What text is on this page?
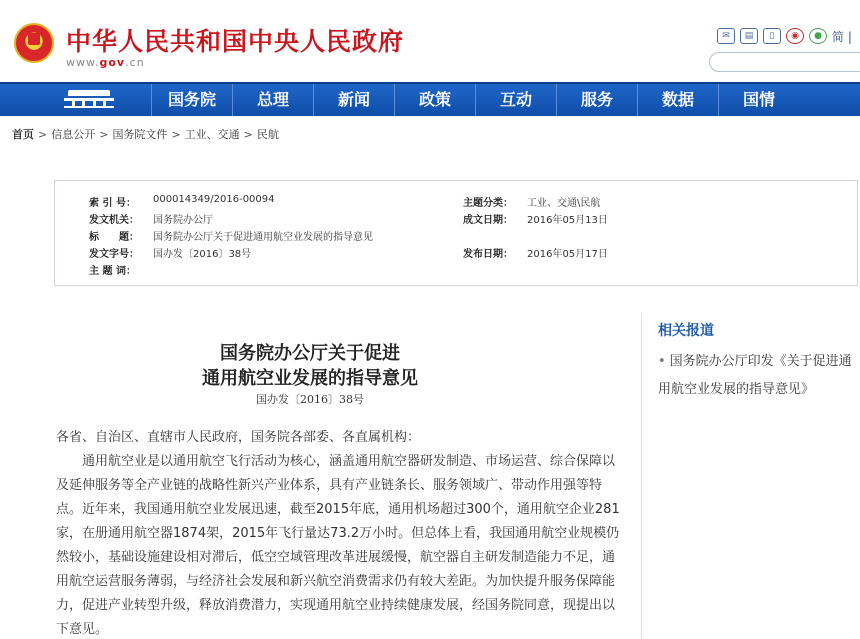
中华人民共和国中央人民政府
www.gov.cn
✉	▤	▯	◉	● 简 |
国务院	总理	新闻	政策	互动	服务	数据	国情
首页 > 信息公开 > 国务院文件 > 工业、交通 > 民航
索 引 号： 000014349/2016-00094	主题分类： 工业、交通\民航
发文机关： 国务院办公厅	成文日期： 2016年05月13日
标　　题： 国务院办公厅关于促进通用航空业发展的指导意见
发文字号： 国办发〔2016〕38号	发布日期： 2016年05月17日
主 题 词：
相关报道
• 国务院办公厅印发《关于促进通用航空业发展的指导意见》
国务院办公厅关于促进
通用航空业发展的指导意见
国办发〔2016〕38号

各省、自治区、直辖市人民政府，国务院各部委、各直属机构：

通用航空业是以通用航空飞行活动为核心，涵盖通用航空器研发制造、市场运营、综合保障以及延伸服务等全产业链的战略性新兴产业体系，具有产业链条长、服务领域广、带动作用强等特点。近年来，我国通用航空业发展迅速，截至2015年底，通用机场超过300个，通用航空企业281家，在册通用航空器1874架，2015年飞行量达73.2万小时。但总体上看，我国通用航空业规模仍然较小，基础设施建设相对滞后，低空空域管理改革进展缓慢，航空器自主研发制造能力不足，通用航空运营服务薄弱，与经济社会发展和新兴航空消费需求仍有较大差距。为加快提升服务保障能力，促进产业转型升级，释放消费潜力，实现通用航空业持续健康发展，经国务院同意，现提出以下意见。
